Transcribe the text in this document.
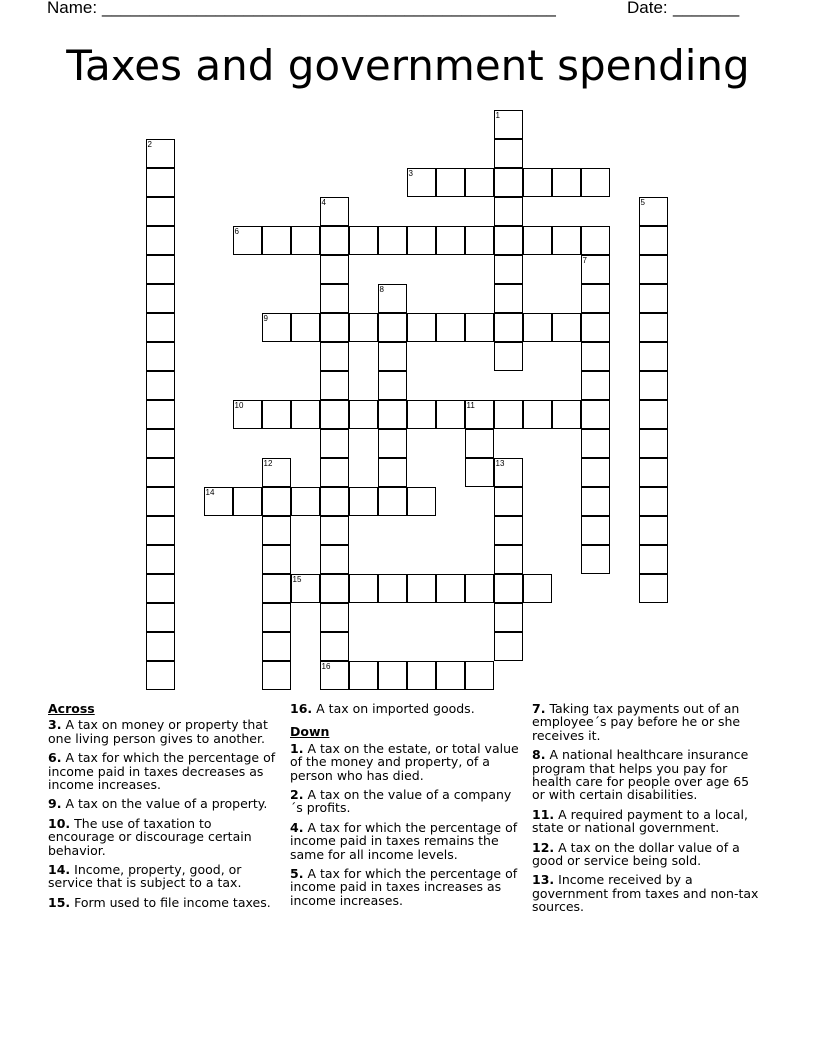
Name: ________________________________________________	Date: _______
Taxes and government spending
1
2
3
4	5
6
7
8
9
10	11
12	13
14
15
16
Across
3. A tax on money or property that one living person gives to another.
6. A tax for which the percentage of income paid in taxes decreases as income increases.
9. A tax on the value of a property.
10. The use of taxation to encourage or discourage certain behavior.
14. Income, property, good, or service that is subject to a tax.
15. Form used to file income taxes.
16. A tax on imported goods.
Down
1. A tax on the estate, or total value of the money and property, of a person who has died.
2. A tax on the value of a company´s profits.
4. A tax for which the percentage of income paid in taxes remains the same for all income levels.
5. A tax for which the percentage of income paid in taxes increases as income increases.
7. Taking tax payments out of an employee´s pay before he or she receives it.
8. A national healthcare insurance program that helps you pay for health care for people over age 65 or with certain disabilities.
11. A required payment to a local, state or national government.
12. A tax on the dollar value of a good or service being sold.
13. Income received by a government from taxes and non-tax sources.
